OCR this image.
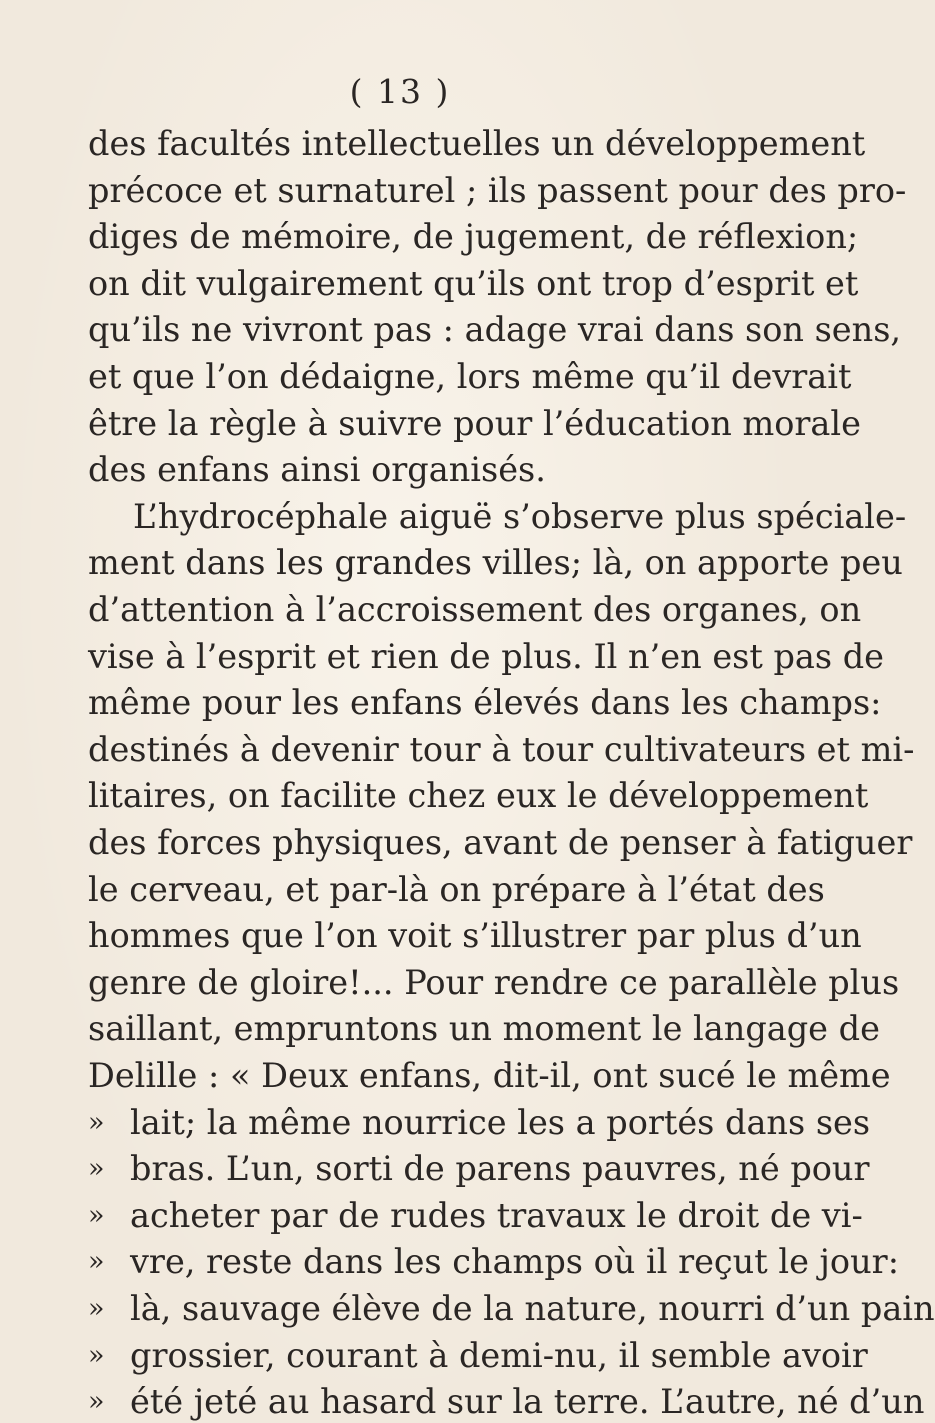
( 13 )
des facultés intellectuelles un développement
précoce et surnaturel ; ils passent pour des pro-
diges de mémoire, de jugement, de réflexion;
on dit vulgairement qu’ils ont trop d’esprit et
qu’ils ne vivront pas : adage vrai dans son sens,
et que l’on dédaigne, lors même qu’il devrait
être la règle à suivre pour l’éducation morale
des enfans ainsi organisés.
L’hydrocéphale aiguë s’observe plus spéciale-
ment dans les grandes villes; là, on apporte peu
d’attention à l’accroissement des organes, on
vise à l’esprit et rien de plus. Il n’en est pas de
même pour les enfans élevés dans les champs:
destinés à devenir tour à tour cultivateurs et mi-
litaires, on facilite chez eux le développement
des forces physiques, avant de penser à fatiguer
le cerveau, et par-là on prépare à l’état des
hommes que l’on voit s’illustrer par plus d’un
genre de gloire!... Pour rendre ce parallèle plus
saillant, empruntons un moment le langage de
Delille : « Deux enfans, dit-il, ont sucé le même
» lait; la même nourrice les a portés dans ses
» bras. L’un, sorti de parens pauvres, né pour
» acheter par de rudes travaux le droit de vi-
» vre, reste dans les champs où il reçut le jour:
» là, sauvage élève de la nature, nourri d’un pain
» grossier, courant à demi-nu, il semble avoir
» été jeté au hasard sur la terre. L’autre, né d’un
